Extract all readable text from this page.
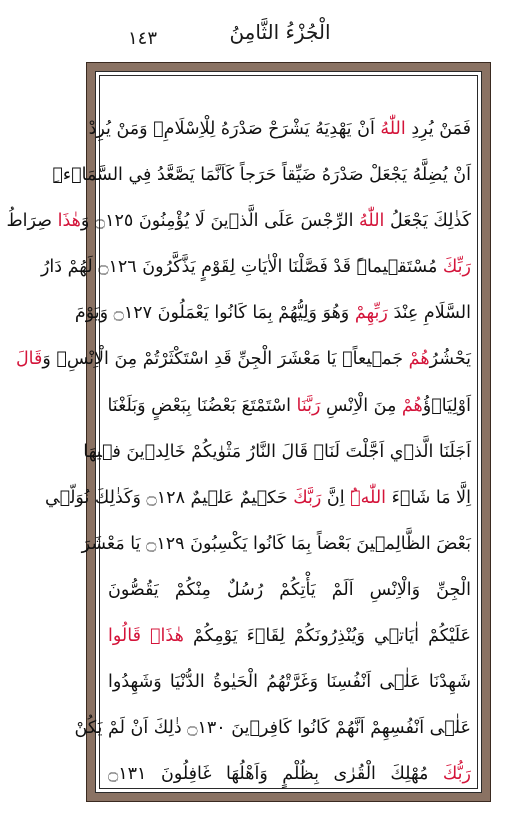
الْجُزْءُ الثَّامِنُ
١٤٣
فَمَنْ يُرِدِ اللّٰهُ اَنْ يَهْدِيَهُ يَشْرَحْ صَدْرَهُ لِلْاِسْلَامِۚ وَمَنْ يُرِدْ
اَنْ يُضِلَّهُ يَجْعَلْ صَدْرَهُ ضَيِّقاً حَرَجاً كَاَنَّمَا يَصَّعَّدُ فِي السَّمَاۤءِۜ
كَذٰلِكَ يَجْعَلُ اللّٰهُ الرِّجْسَ عَلَى الَّذٖينَ لَا يُؤْمِنُونَ ۝١٢٥ وَهٰذَا صِرَاطُ
رَبِّكَ مُسْتَقٖيماًۜ قَدْ فَصَّلْنَا الْاٰيَاتِ لِقَوْمٍ يَذَّكَّرُونَ ۝١٢٦ لَهُمْ دَارُ
السَّلَامِ عِنْدَ رَبِّهِمْ وَهُوَ وَلِيُّهُمْ بِمَا كَانُوا يَعْمَلُونَ ۝١٢٧ وَيَوْمَ
يَحْشُرُهُمْ جَمٖيعاًۚ يَا مَعْشَرَ الْجِنِّ قَدِ اسْتَكْثَرْتُمْ مِنَ الْاِنْسِۚ وَقَالَ
اَوْلِيَاۤؤُهُمْ مِنَ الْاِنْسِ رَبَّنَا اسْتَمْتَعَ بَعْضُنَا بِبَعْضٍ وَبَلَغْنَا
اَجَلَنَا الَّذٖي اَجَّلْتَ لَنَاۜ قَالَ النَّارُ مَثْوٰيكُمْ خَالِدٖينَ فٖيهَا
اِلَّا مَا شَاۤءَ اللّٰهُۜ اِنَّ رَبَّكَ حَكٖيمٌ عَلٖيمٌ ۝١٢٨ وَكَذٰلِكَ نُوَلّٖي
بَعْضَ الظَّالِمٖينَ بَعْضاً بِمَا كَانُوا يَكْسِبُونَ ۝١٢٩ يَا مَعْشَرَ
الْجِنِّ وَالْاِنْسِ اَلَمْ يَأْتِكُمْ رُسُلٌ مِنْكُمْ يَقُصُّونَ
عَلَيْكُمْ اٰيَاتٖي وَيُنْذِرُونَكُمْ لِقَاۤءَ يَوْمِكُمْ هٰذَاۜ قَالُوا
شَهِدْنَا عَلٰۤى اَنْفُسِنَا وَغَرَّتْهُمُ الْحَيٰوةُ الدُّنْيَا وَشَهِدُوا
عَلٰۤى اَنْفُسِهِمْ اَنَّهُمْ كَانُوا كَافِرٖينَ ۝١٣٠ ذٰلِكَ اَنْ لَمْ يَكُنْ
رَبُّكَ مُهْلِكَ الْقُرٰى بِظُلْمٍ وَاَهْلُهَا غَافِلُونَ ۝١٣١
